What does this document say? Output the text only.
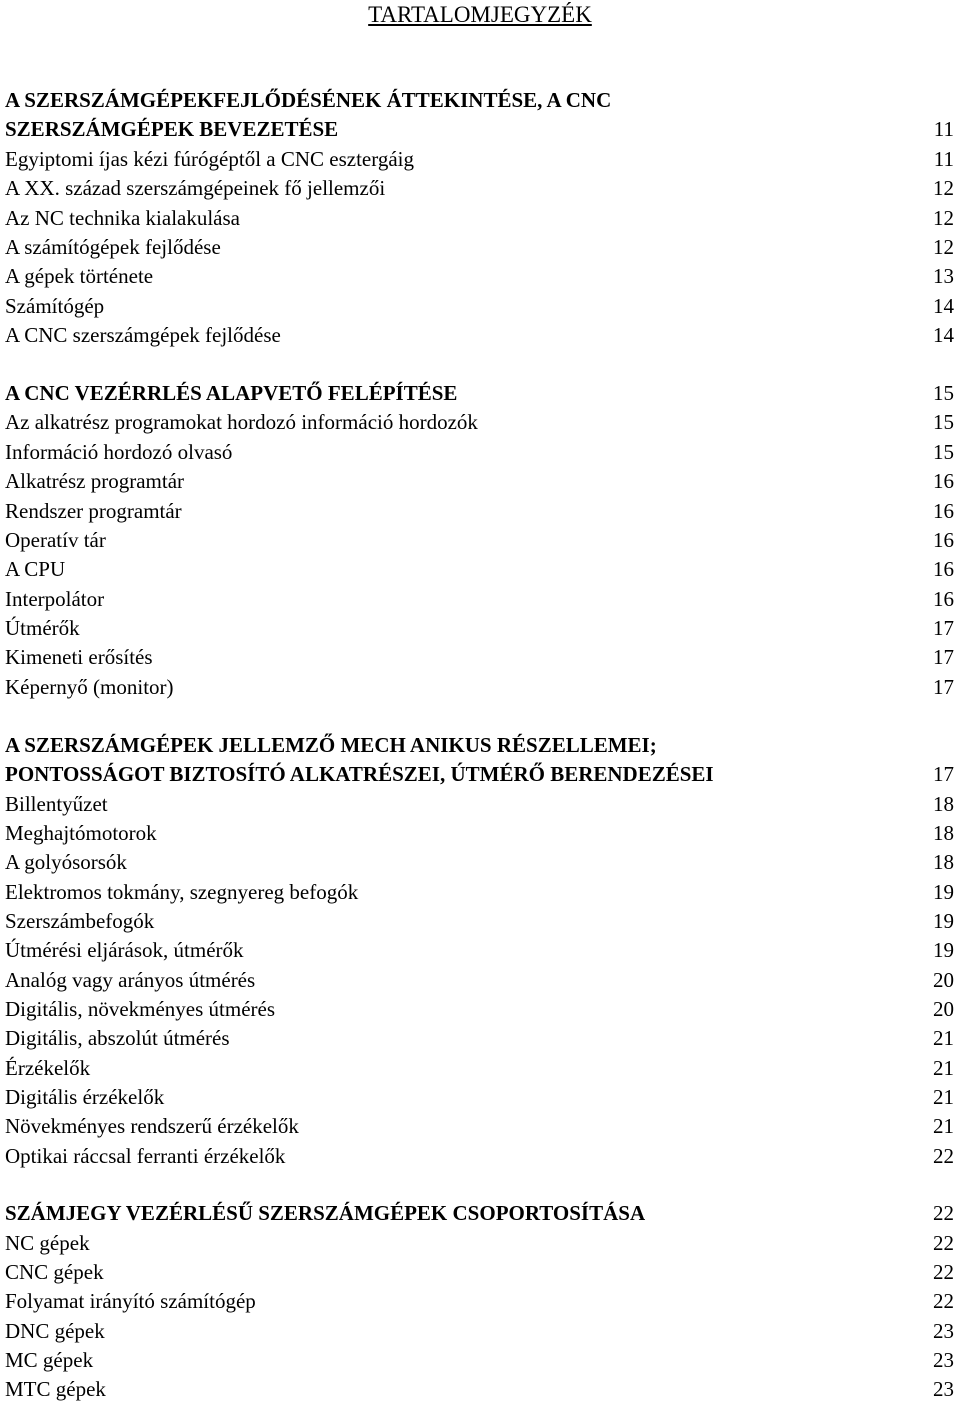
TARTALOMJEGYZÉK
A SZERSZÁMGÉPEKFEJLŐDÉSÉNEK ÁTTEKINTÉSE, A CNC
SZERSZÁMGÉPEK BEVEZETÉSE	11
Egyiptomi íjas kézi fúrógéptől a CNC esztergáig	11
A XX. század szerszámgépeinek fő jellemzői	12
Az NC technika kialakulása	12
A számítógépek fejlődése	12
A gépek története	13
Számítógép	14
A CNC szerszámgépek fejlődése	14
A CNC VEZÉRRLÉS ALAPVETŐ FELÉPÍTÉSE	15
Az alkatrész programokat hordozó információ hordozók	15
Információ hordozó olvasó	15
Alkatrész programtár	16
Rendszer programtár	16
Operatív tár	16
A CPU	16
Interpolátor	16
Útmérők	17
Kimeneti erősítés	17
Képernyő (monitor)	17
A SZERSZÁMGÉPEK JELLEMZŐ MECH ANIKUS RÉSZELLEMEI;
PONTOSSÁGOT BIZTOSÍTÓ ALKATRÉSZEI, ÚTMÉRŐ BERENDEZÉSEI	17
Billentyűzet	18
Meghajtómotorok	18
A golyósorsók	18
Elektromos tokmány, szegnyereg befogók	19
Szerszámbefogók	19
Útmérési eljárások, útmérők	19
Analóg vagy arányos útmérés	20
Digitális, növekményes útmérés	20
Digitális, abszolút útmérés	21
Érzékelők	21
Digitális érzékelők	21
Növekményes rendszerű érzékelők	21
Optikai ráccsal ferranti érzékelők	22
SZÁMJEGY VEZÉRLÉSŰ SZERSZÁMGÉPEK CSOPORTOSÍTÁSA	22
NC gépek	22
CNC gépek	22
Folyamat irányító számítógép	22
DNC gépek	23
MC gépek	23
MTC gépek	23
